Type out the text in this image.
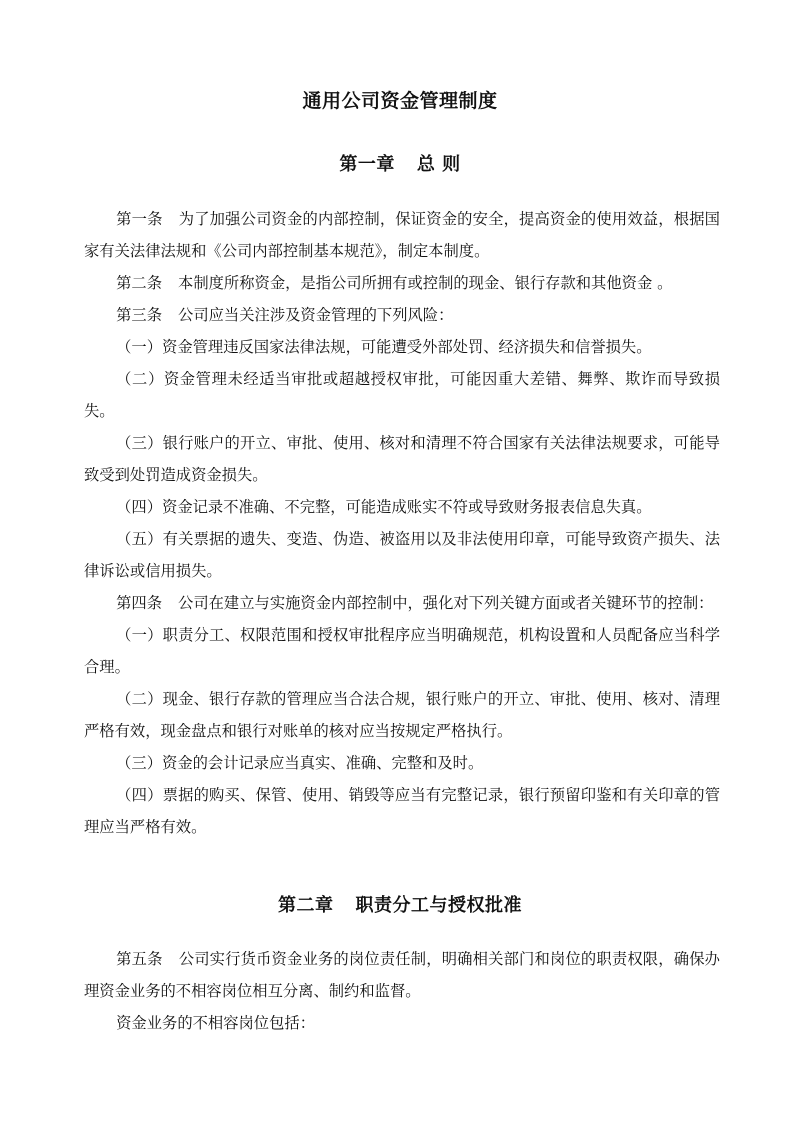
通用公司资金管理制度
第一章 总 则

第一条 为了加强公司资金的内部控制，保证资金的安全，提高资金的使用效益，根据国家有关法律法规和《公司内部控制基本规范》，制定本制度。

第二条 本制度所称资金，是指公司所拥有或控制的现金、银行存款和其他资金 。

第三条 公司应当关注涉及资金管理的下列风险：

（一）资金管理违反国家法律法规，可能遭受外部处罚、经济损失和信誉损失。

（二）资金管理未经适当审批或超越授权审批，可能因重大差错、舞弊、欺诈而导致损失。

（三）银行账户的开立、审批、使用、核对和清理不符合国家有关法律法规要求，可能导致受到处罚造成资金损失。

（四）资金记录不准确、不完整，可能造成账实不符或导致财务报表信息失真。

（五）有关票据的遗失、变造、伪造、被盗用以及非法使用印章，可能导致资产损失、法律诉讼或信用损失。

第四条 公司在建立与实施资金内部控制中，强化对下列关键方面或者关键环节的控制：

（一）职责分工、权限范围和授权审批程序应当明确规范，机构设置和人员配备应当科学合理。

（二）现金、银行存款的管理应当合法合规，银行账户的开立、审批、使用、核对、清理严格有效，现金盘点和银行对账单的核对应当按规定严格执行。

（三）资金的会计记录应当真实、准确、完整和及时。

（四）票据的购买、保管、使用、销毁等应当有完整记录，银行预留印鉴和有关印章的管理应当严格有效。

第二章 职责分工与授权批准

第五条 公司实行货币资金业务的岗位责任制，明确相关部门和岗位的职责权限，确保办理资金业务的不相容岗位相互分离、制约和监督。

资金业务的不相容岗位包括：
